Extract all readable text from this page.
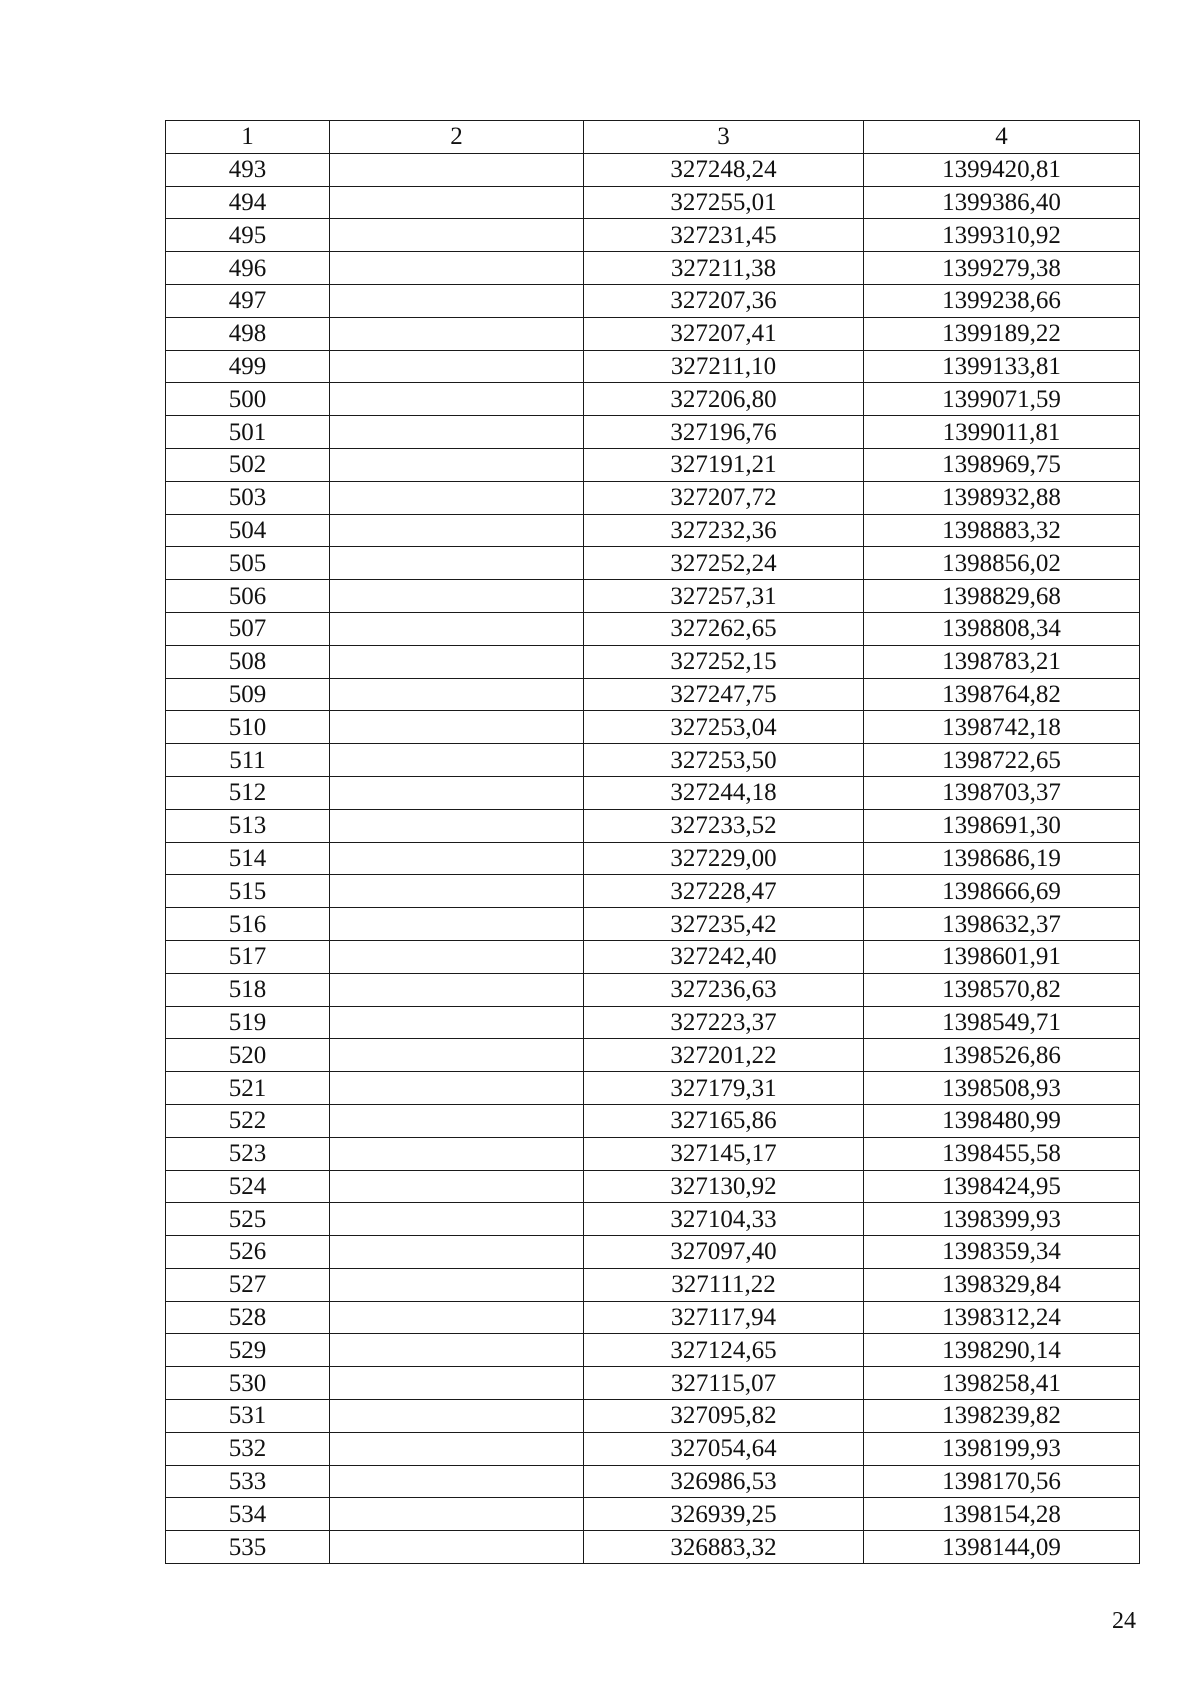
1	2	3	4
493		327248,24	1399420,81
494		327255,01	1399386,40
495		327231,45	1399310,92
496		327211,38	1399279,38
497		327207,36	1399238,66
498		327207,41	1399189,22
499		327211,10	1399133,81
500		327206,80	1399071,59
501		327196,76	1399011,81
502		327191,21	1398969,75
503		327207,72	1398932,88
504		327232,36	1398883,32
505		327252,24	1398856,02
506		327257,31	1398829,68
507		327262,65	1398808,34
508		327252,15	1398783,21
509		327247,75	1398764,82
510		327253,04	1398742,18
511		327253,50	1398722,65
512		327244,18	1398703,37
513		327233,52	1398691,30
514		327229,00	1398686,19
515		327228,47	1398666,69
516		327235,42	1398632,37
517		327242,40	1398601,91
518		327236,63	1398570,82
519		327223,37	1398549,71
520		327201,22	1398526,86
521		327179,31	1398508,93
522		327165,86	1398480,99
523		327145,17	1398455,58
524		327130,92	1398424,95
525		327104,33	1398399,93
526		327097,40	1398359,34
527		327111,22	1398329,84
528		327117,94	1398312,24
529		327124,65	1398290,14
530		327115,07	1398258,41
531		327095,82	1398239,82
532		327054,64	1398199,93
533		326986,53	1398170,56
534		326939,25	1398154,28
535		326883,32	1398144,09
24
